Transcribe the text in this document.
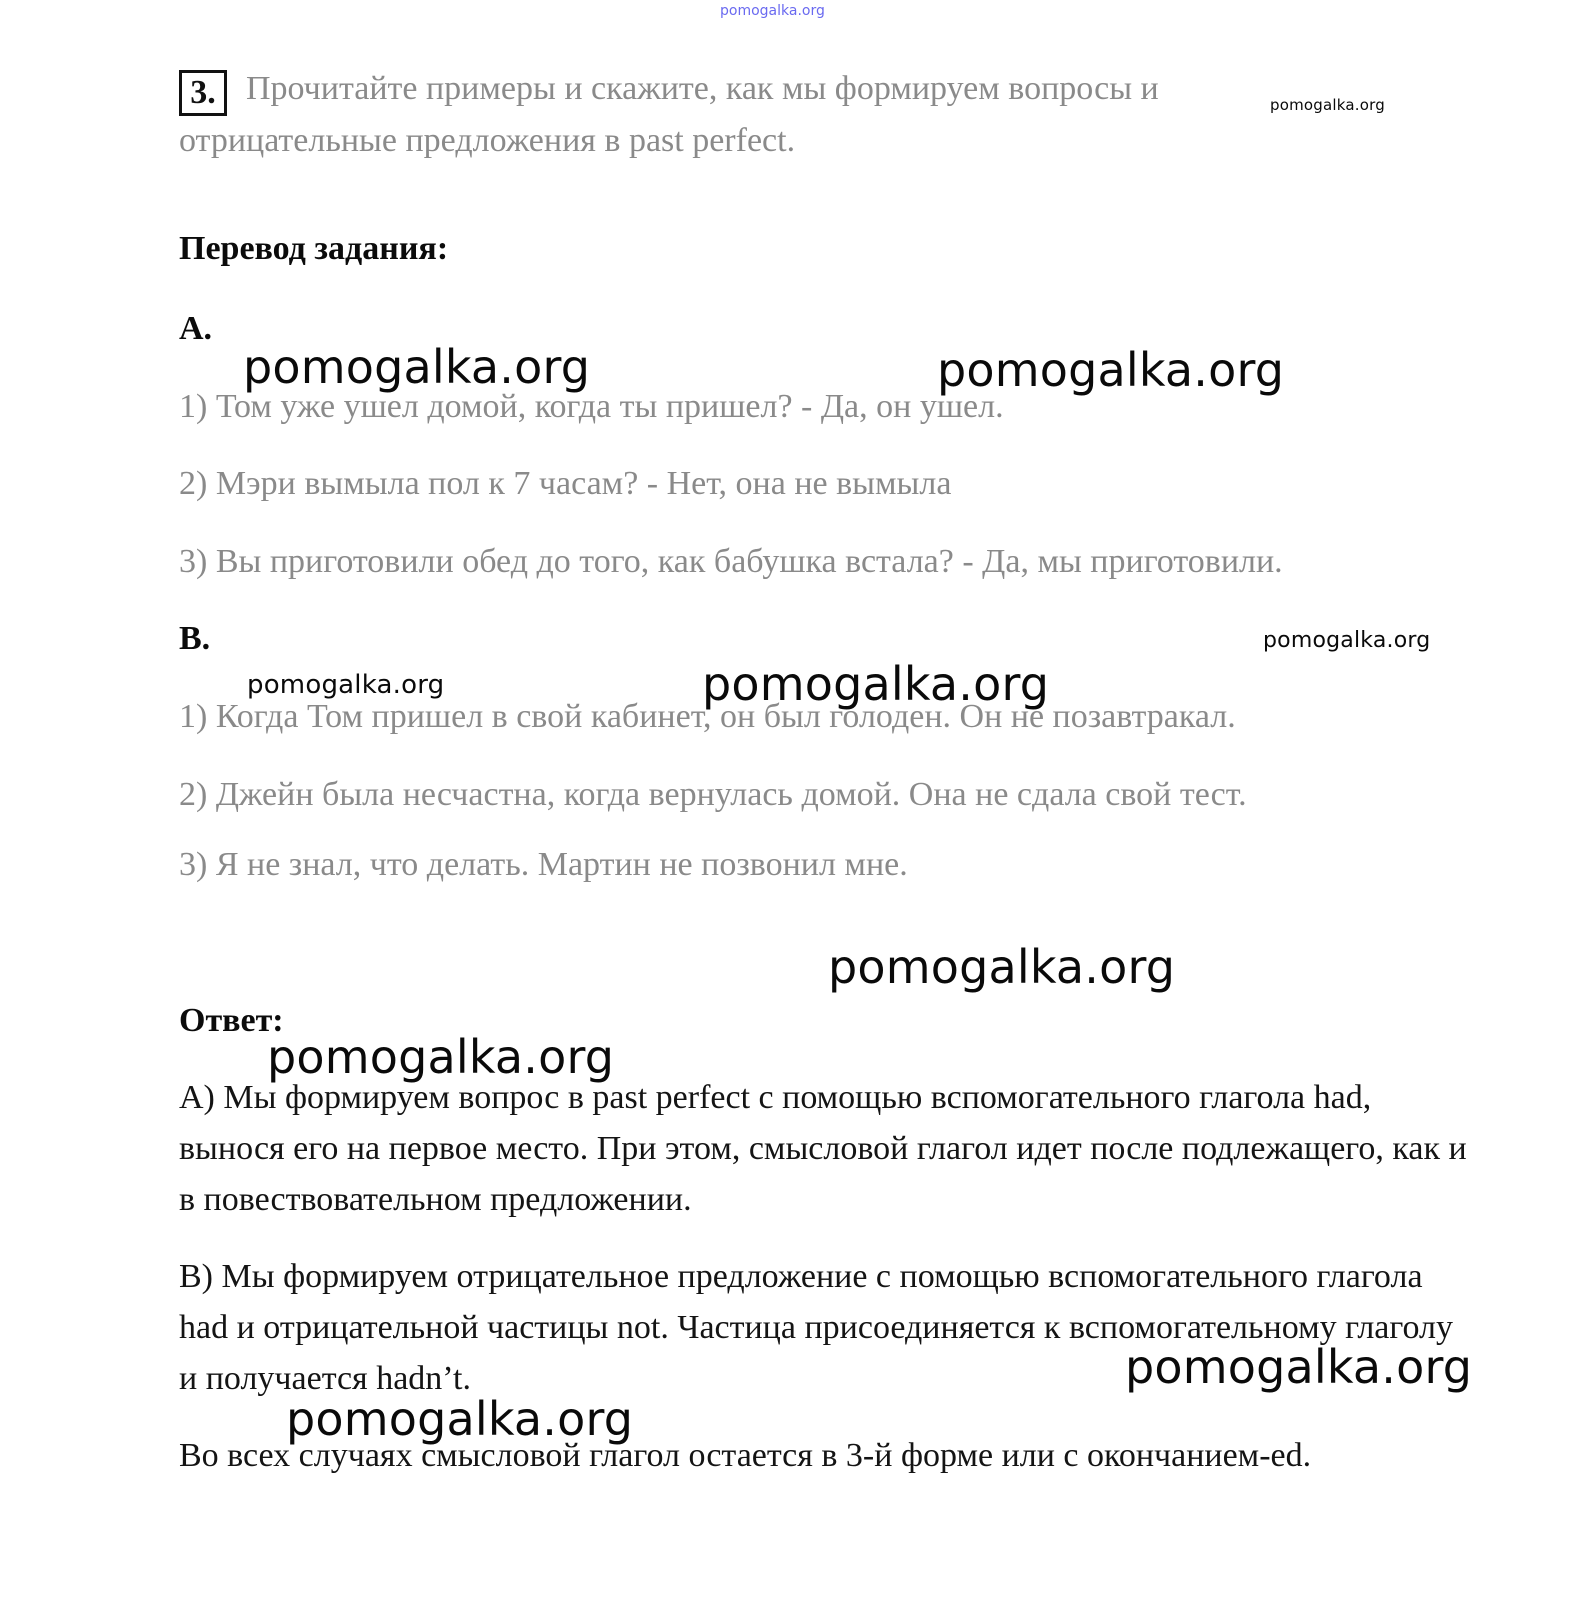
pomogalka.org
3. Прочитайте примеры и скажите, как мы формируем вопросы и	pomogalka.org
отрицательные предложения в past perfect.
Перевод задания:
A.
pomogalka.org	pomogalka.org
1) Том уже ушел домой, когда ты пришел? - Да, он ушел.
2) Мэри вымыла пол к 7 часам? - Нет, она не вымыла
3) Вы приготовили обед до того, как бабушка встала? - Да, мы приготовили.
B.	pomogalka.org
pomogalka.org	pomogalka.org
1) Когда Том пришел в свой кабинет, он был голоден. Он не позавтракал.
2) Джейн была несчастна, когда вернулась домой. Она не сдала свой тест.
3) Я не знал, что делать. Мартин не позвонил мне.
pomogalka.org
Ответ:
pomogalka.org
A) Мы формируем вопрос в past perfect с помощью вспомогательного глагола had, вынося его на первое место. При этом, смысловой глагол идет после подлежащего, как и в повествовательном предложении.
B) Мы формируем отрицательное предложение с помощью вспомогательного глагола had и отрицательной частицы not. Частица присоединяется к вспомогательному глаголу и получается hadn’t.	pomogalka.org
pomogalka.org
Во всех случаях смысловой глагол остается в 3-й форме или с окончанием-ed.
